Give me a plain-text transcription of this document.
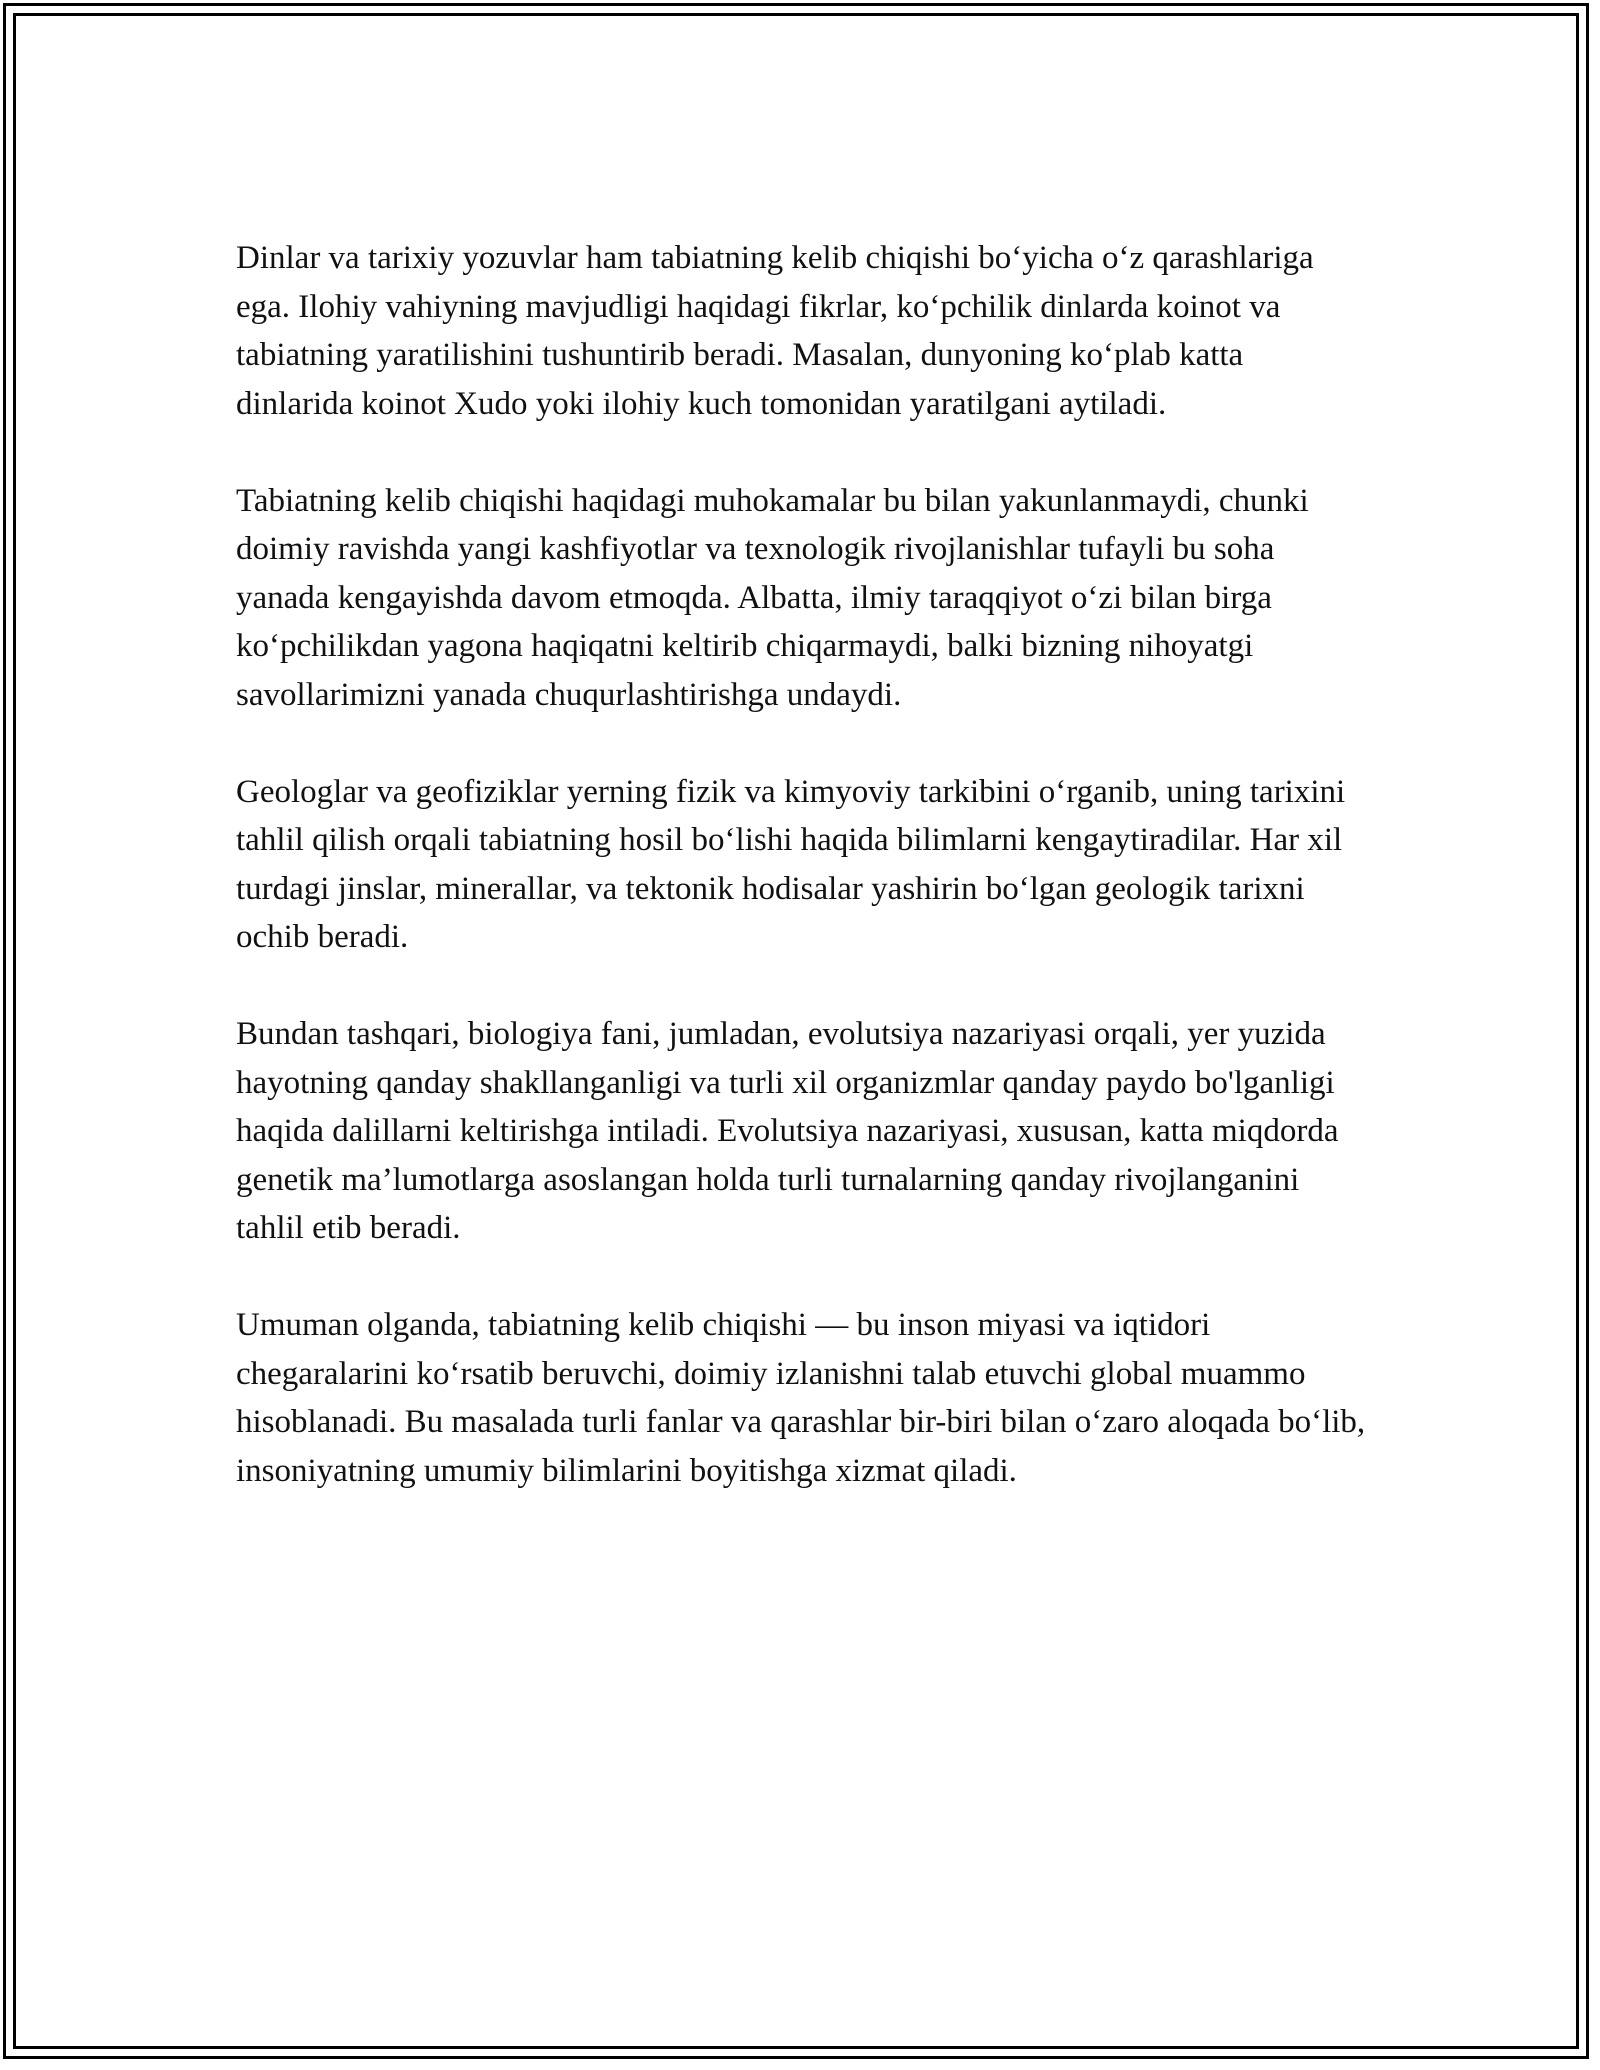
Dinlar va tarixiy yozuvlar ham tabiatning kelib chiqishi bo‘yicha o‘z qarashlariga ega. Ilohiy vahiyning mavjudligi haqidagi fikrlar, ko‘pchilik dinlarda koinot va tabiatning yaratilishini tushuntirib beradi. Masalan, dunyoning ko‘plab katta dinlarida koinot Xudo yoki ilohiy kuch tomonidan yaratilgani aytiladi.

Tabiatning kelib chiqishi haqidagi muhokamalar bu bilan yakunlanmaydi, chunki doimiy ravishda yangi kashfiyotlar va texnologik rivojlanishlar tufayli bu soha yanada kengayishda davom etmoqda. Albatta, ilmiy taraqqiyot o‘zi bilan birga ko‘pchilikdan yagona haqiqatni keltirib chiqarmaydi, balki bizning nihoyatgi savollarimizni yanada chuqurlashtirishga undaydi.

Geologlar va geofiziklar yerning fizik va kimyoviy tarkibini o‘rganib, uning tarixini tahlil qilish orqali tabiatning hosil bo‘lishi haqida bilimlarni kengaytiradilar. Har xil turdagi jinslar, minerallar, va tektonik hodisalar yashirin bo‘lgan geologik tarixni ochib beradi.

Bundan tashqari, biologiya fani, jumladan, evolutsiya nazariyasi orqali, yer yuzida hayotning qanday shakllanganligi va turli xil organizmlar qanday paydo bo'lganligi haqida dalillarni keltirishga intiladi. Evolutsiya nazariyasi, xususan, katta miqdorda genetik ma’lumotlarga asoslangan holda turli turnalarning qanday rivojlanganini tahlil etib beradi.

Umuman olganda, tabiatning kelib chiqishi — bu inson miyasi va iqtidori chegaralarini ko‘rsatib beruvchi, doimiy izlanishni talab etuvchi global muammo hisoblanadi. Bu masalada turli fanlar va qarashlar bir-biri bilan o‘zaro aloqada bo‘lib, insoniyatning umumiy bilimlarini boyitishga xizmat qiladi.
